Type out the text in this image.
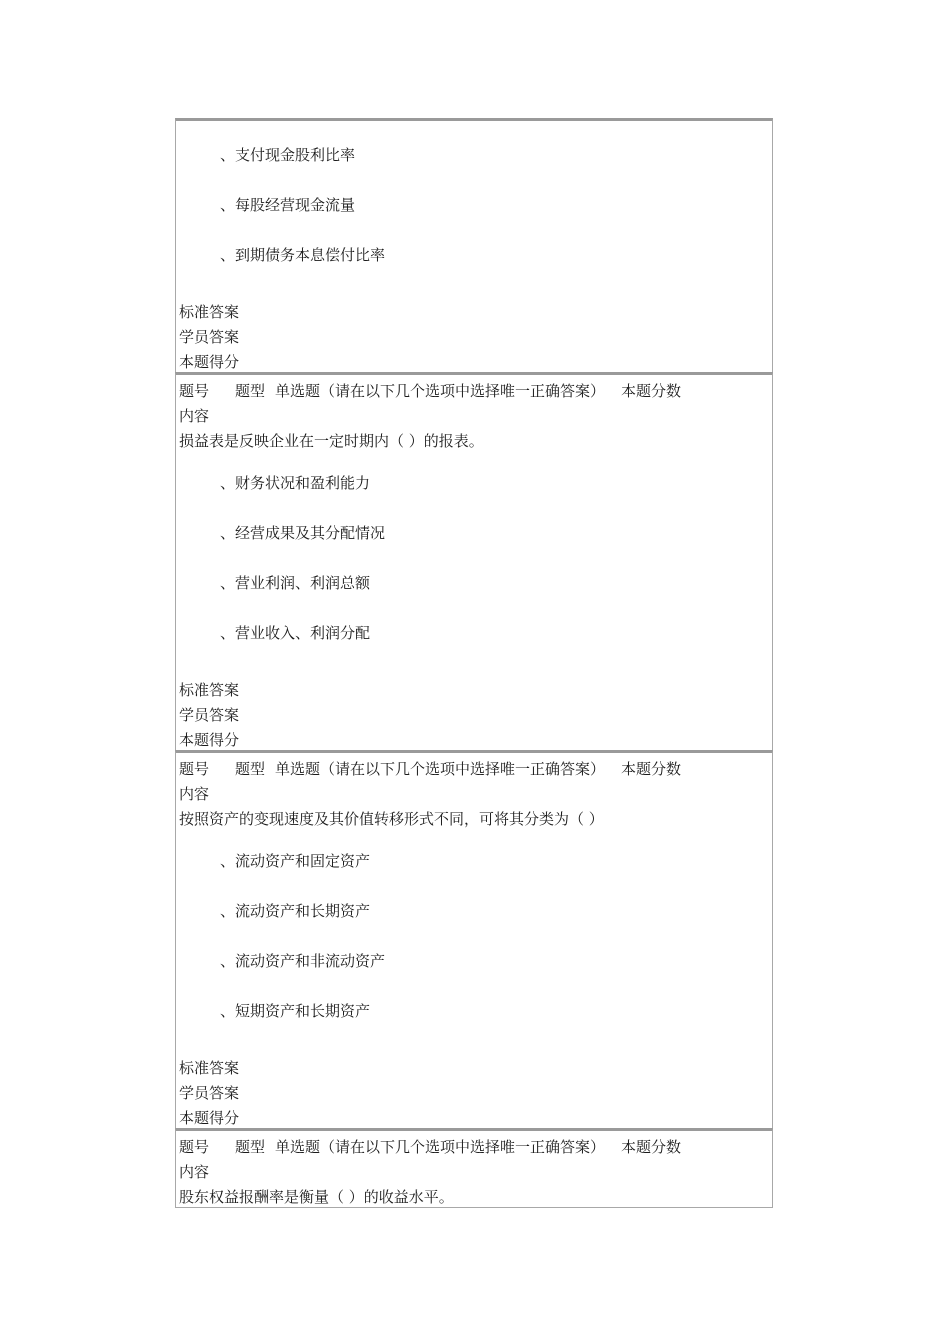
、支付现金股利比率
、每股经营现金流量
、到期债务本息偿付比率
标准答案
学员答案
本题得分
题号 题型 单选题（请在以下几个选项中选择唯一正确答案） 本题分数
内容
损益表是反映企业在一定时期内（ ）的报表。
、财务状况和盈利能力
、经营成果及其分配情况
、营业利润、利润总额
、营业收入、利润分配
标准答案
学员答案
本题得分
题号 题型 单选题（请在以下几个选项中选择唯一正确答案） 本题分数
内容
按照资产的变现速度及其价值转移形式不同，可将其分类为（ ）
、流动资产和固定资产
、流动资产和长期资产
、流动资产和非流动资产
、短期资产和长期资产
标准答案
学员答案
本题得分
题号 题型 单选题（请在以下几个选项中选择唯一正确答案） 本题分数
内容
股东权益报酬率是衡量（ ）的收益水平。
